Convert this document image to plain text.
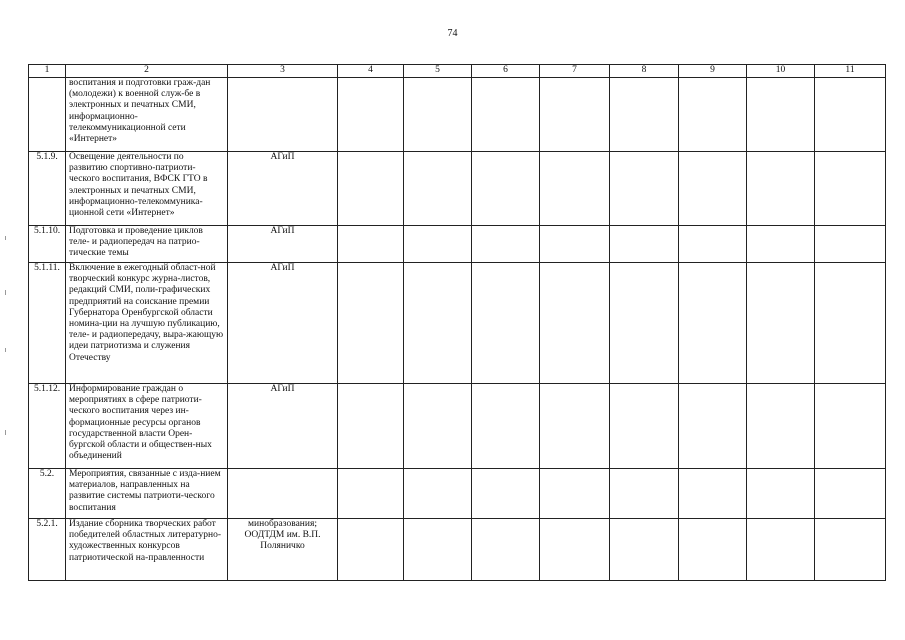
74
1	2	3	4	5	6	7	8	9	10	11
	воспитания и подготовки граж-дан (молодежи) к военной служ-бе в электронных и печатных СМИ, информационно-телекоммуникационной сети «Интернет»									
5.1.9.	Освещение деятельности по развитию спортивно-патриоти-ческого воспитания, ВФСК ГТО в электронных и печатных СМИ, информационно-телекоммуника-ционной сети «Интернет»	АГиП								
5.1.10.	Подготовка и проведение циклов теле- и радиопередач на патрио-тические темы	АГиП								
5.1.11.	Включение в ежегодный област-ной творческий конкурс журна-листов, редакций СМИ, поли-графических предприятий на соискание премии Губернатора Оренбургской области номина-ции на лучшую публикацию, теле- и радиопередачу, выра-жающую идеи патриотизма и служения Отечеству	АГиП								
5.1.12.	Информирование граждан о мероприятиях в сфере патриоти-ческого воспитания через ин-формационные ресурсы органов государственной власти Орен-бургской области и обществен-ных объединений	АГиП								
5.2.	Мероприятия, связанные с изда-нием материалов, направленных на развитие системы патриоти-ческого воспитания									
5.2.1.	Издание сборника творческих работ победителей областных литературно-художественных конкурсов патриотической на-правленности	минобразования; ООДТДМ им. В.П. Поляничко								
